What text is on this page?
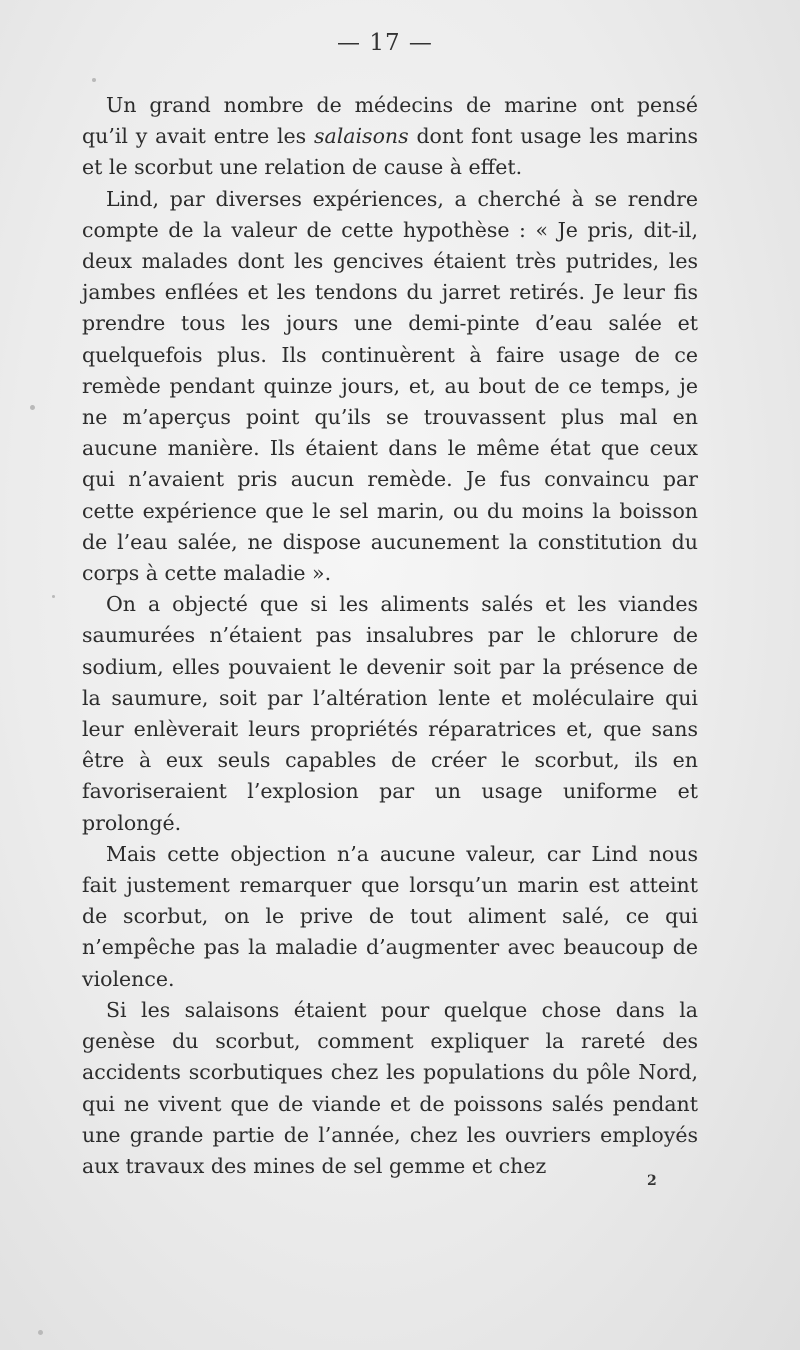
— 17 —

Un grand nombre de médecins de marine ont pensé qu’il y avait entre les salaisons dont font usage les marins et le scorbut une relation de cause à effet.

Lind, par diverses expériences, a cherché à se rendre compte de la valeur de cette hypothèse : « Je pris, dit-il, deux malades dont les gencives étaient très putrides, les jambes enflées et les tendons du jarret retirés. Je leur fis prendre tous les jours une demi-pinte d’eau salée et quelquefois plus. Ils continuèrent à faire usage de ce remède pendant quinze jours, et, au bout de ce temps, je ne m’aperçus point qu’ils se trouvassent plus mal en aucune manière. Ils étaient dans le même état que ceux qui n’avaient pris aucun remède. Je fus convaincu par cette expérience que le sel marin, ou du moins la boisson de l’eau salée, ne dispose aucunement la constitution du corps à cette maladie ».

On a objecté que si les aliments salés et les viandes saumurées n’étaient pas insalubres par le chlorure de sodium, elles pouvaient le devenir soit par la présence de la saumure, soit par l’altération lente et moléculaire qui leur enlèverait leurs propriétés réparatrices et, que sans être à eux seuls capables de créer le scorbut, ils en favoriseraient l’explosion par un usage uniforme et prolongé.

Mais cette objection n’a aucune valeur, car Lind nous fait justement remarquer que lorsqu’un marin est atteint de scorbut, on le prive de tout aliment salé, ce qui n’empêche pas la maladie d’augmenter avec beaucoup de violence.

Si les salaisons étaient pour quelque chose dans la genèse du scorbut, comment expliquer la rareté des accidents scorbutiques chez les populations du pôle Nord, qui ne vivent que de viande et de poissons salés pendant une grande partie de l’année, chez les ouvriers employés aux travaux des mines de sel gemme et chez

2
